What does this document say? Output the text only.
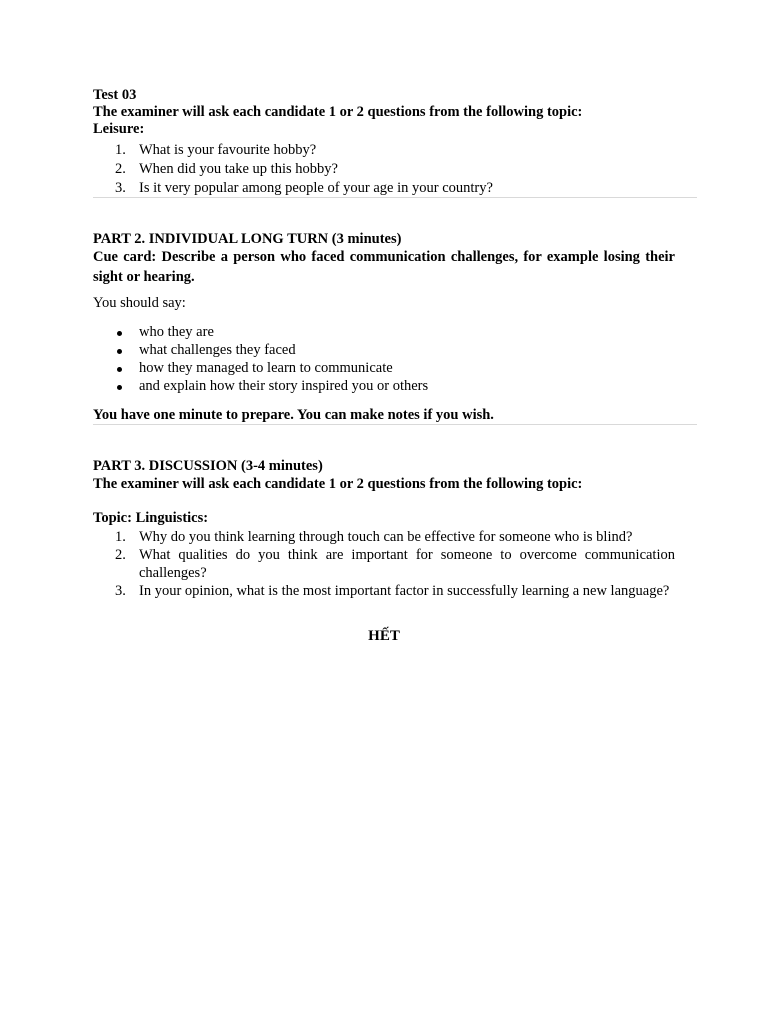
Test 03
The examiner will ask each candidate 1 or 2 questions from the following topic:
Leisure:
1. What is your favourite hobby?
2. When did you take up this hobby?
3. Is it very popular among people of your age in your country?
PART 2. INDIVIDUAL LONG TURN (3 minutes)
Cue card: Describe a person who faced communication challenges, for example losing their sight or hearing.
You should say:
who they are
what challenges they faced
how they managed to learn to communicate
and explain how their story inspired you or others
You have one minute to prepare. You can make notes if you wish.
PART 3. DISCUSSION (3-4 minutes)
The examiner will ask each candidate 1 or 2 questions from the following topic:
Topic: Linguistics:
1. Why do you think learning through touch can be effective for someone who is blind?
2. What qualities do you think are important for someone to overcome communication challenges?
3. In your opinion, what is the most important factor in successfully learning a new language?
HẾT
